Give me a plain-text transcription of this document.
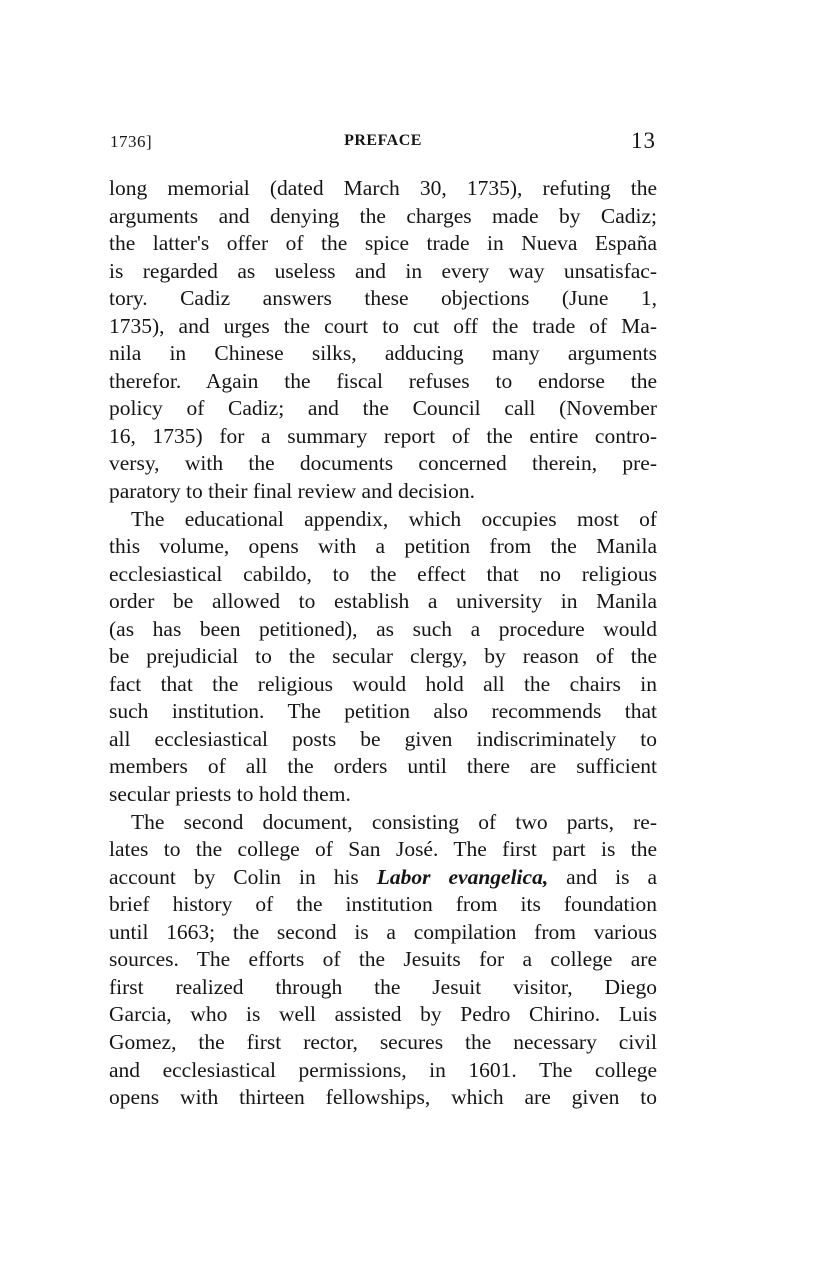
1736]	PREFACE	13
long memorial (dated March 30, 1735), refuting the
arguments and denying the charges made by Cadiz;
the latter's offer of the spice trade in Nueva España
is regarded as useless and in every way unsatisfac-
tory. Cadiz answers these objections (June 1,
1735), and urges the court to cut off the trade of Ma-
nila in Chinese silks, adducing many arguments
therefor. Again the fiscal refuses to endorse the
policy of Cadiz; and the Council call (November
16, 1735) for a summary report of the entire contro-
versy, with the documents concerned therein, pre-
paratory to their final review and decision.
The educational appendix, which occupies most of
this volume, opens with a petition from the Manila
ecclesiastical cabildo, to the effect that no religious
order be allowed to establish a university in Manila
(as has been petitioned), as such a procedure would
be prejudicial to the secular clergy, by reason of the
fact that the religious would hold all the chairs in
such institution. The petition also recommends that
all ecclesiastical posts be given indiscriminately to
members of all the orders until there are sufficient
secular priests to hold them.
The second document, consisting of two parts, re-
lates to the college of San José. The first part is the
account by Colin in his Labor evangelica, and is a
brief history of the institution from its foundation
until 1663; the second is a compilation from various
sources. The efforts of the Jesuits for a college are
first realized through the Jesuit visitor, Diego
Garcia, who is well assisted by Pedro Chirino. Luis
Gomez, the first rector, secures the necessary civil
and ecclesiastical permissions, in 1601. The college
opens with thirteen fellowships, which are given to
